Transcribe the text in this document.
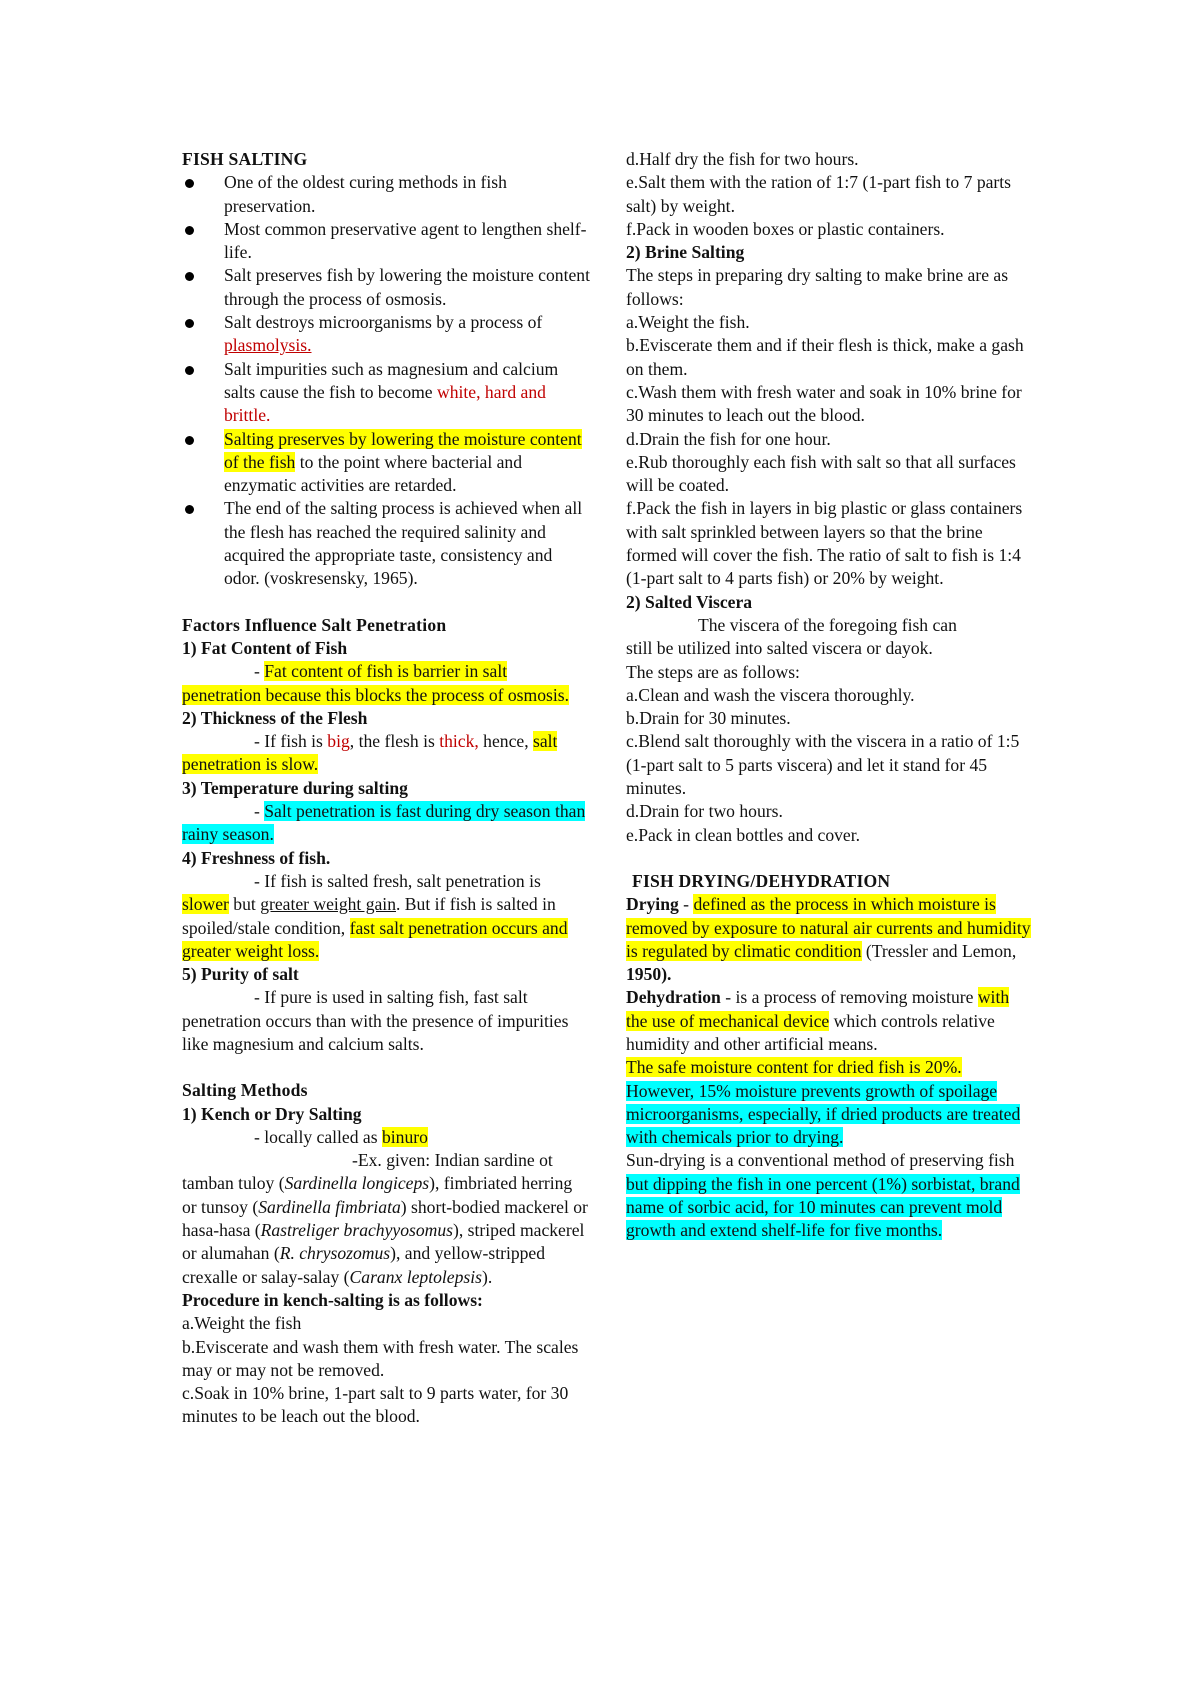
FISH SALTING

One of the oldest curing methods in fish preservation.
Most common preservative agent to lengthen shelf-life.
Salt preserves fish by lowering the moisture content through the process of osmosis.
Salt destroys microorganisms by a process of plasmolysis.
Salt impurities such as magnesium and calcium salts cause the fish to become white, hard and brittle.
Salting preserves by lowering the moisture content of the fish to the point where bacterial and enzymatic activities are retarded.
The end of the salting process is achieved when all the flesh has reached the required salinity and acquired the appropriate taste, consistency and odor. (voskresensky, 1965).

Factors Influence Salt Penetration

1) Fat Content of Fish

- Fat content of fish is barrier in salt penetration because this blocks the process of osmosis.

2) Thickness of the Flesh

- If fish is big, the flesh is thick, hence, salt penetration is slow.

3) Temperature during salting

- Salt penetration is fast during dry season than rainy season.

4) Freshness of fish.

- If fish is salted fresh, salt penetration is slower but greater weight gain. But if fish is salted in spoiled/stale condition, fast salt penetration occurs and greater weight loss.

5) Purity of salt

- If pure is used in salting fish, fast salt penetration occurs than with the presence of impurities like magnesium and calcium salts.

Salting Methods

1) Kench or Dry Salting

- locally called as binuro

-Ex. given: Indian sardine ot

tamban tuloy (Sardinella longiceps), fimbriated herring or tunsoy (Sardinella fimbriata) short-bodied mackerel or hasa-hasa (Rastreliger brachyyosomus), striped mackerel or alumahan (R. chrysozomus), and yellow-stripped crexalle or salay-salay (Caranx leptolepsis).

Procedure in kench-salting is as follows:

a.Weight the fish

b.Eviscerate and wash them with fresh water. The scales may or may not be removed.

c.Soak in 10% brine, 1-part salt to 9 parts water, for 30 minutes to be leach out the blood.

d.Half dry the fish for two hours.

e.Salt them with the ration of 1:7 (1-part fish to 7 parts salt) by weight.

f.Pack in wooden boxes or plastic containers.

2) Brine Salting

The steps in preparing dry salting to make brine are as follows:

a.Weight the fish.

b.Eviscerate them and if their flesh is thick, make a gash on them.

c.Wash them with fresh water and soak in 10% brine for 30 minutes to leach out the blood.

d.Drain the fish for one hour.

e.Rub thoroughly each fish with salt so that all surfaces will be coated.

f.Pack the fish in layers in big plastic or glass containers with salt sprinkled between layers so that the brine formed will cover the fish. The ratio of salt to fish is 1:4 (1-part salt to 4 parts fish) or 20% by weight.

2) Salted Viscera

The viscera of the foregoing fish can

still be utilized into salted viscera or dayok.

The steps are as follows:

a.Clean and wash the viscera thoroughly.

b.Drain for 30 minutes.

c.Blend salt thoroughly with the viscera in a ratio of 1:5 (1-part salt to 5 parts viscera) and let it stand for 45 minutes.

d.Drain for two hours.

e.Pack in clean bottles and cover.

FISH DRYING/DEHYDRATION

Drying - defined as the process in which moisture is removed by exposure to natural air currents and humidity is regulated by climatic condition (Tressler and Lemon, 1950).

Dehydration - is a process of removing moisture with the use of mechanical device which controls relative humidity and other artificial means.

The safe moisture content for dried fish is 20%. However, 15% moisture prevents growth of spoilage microorganisms, especially, if dried products are treated with chemicals prior to drying.

Sun-drying is a conventional method of preserving fish but dipping the fish in one percent (1%) sorbistat, brand name of sorbic acid, for 10 minutes can prevent mold growth and extend shelf-life for five months.
